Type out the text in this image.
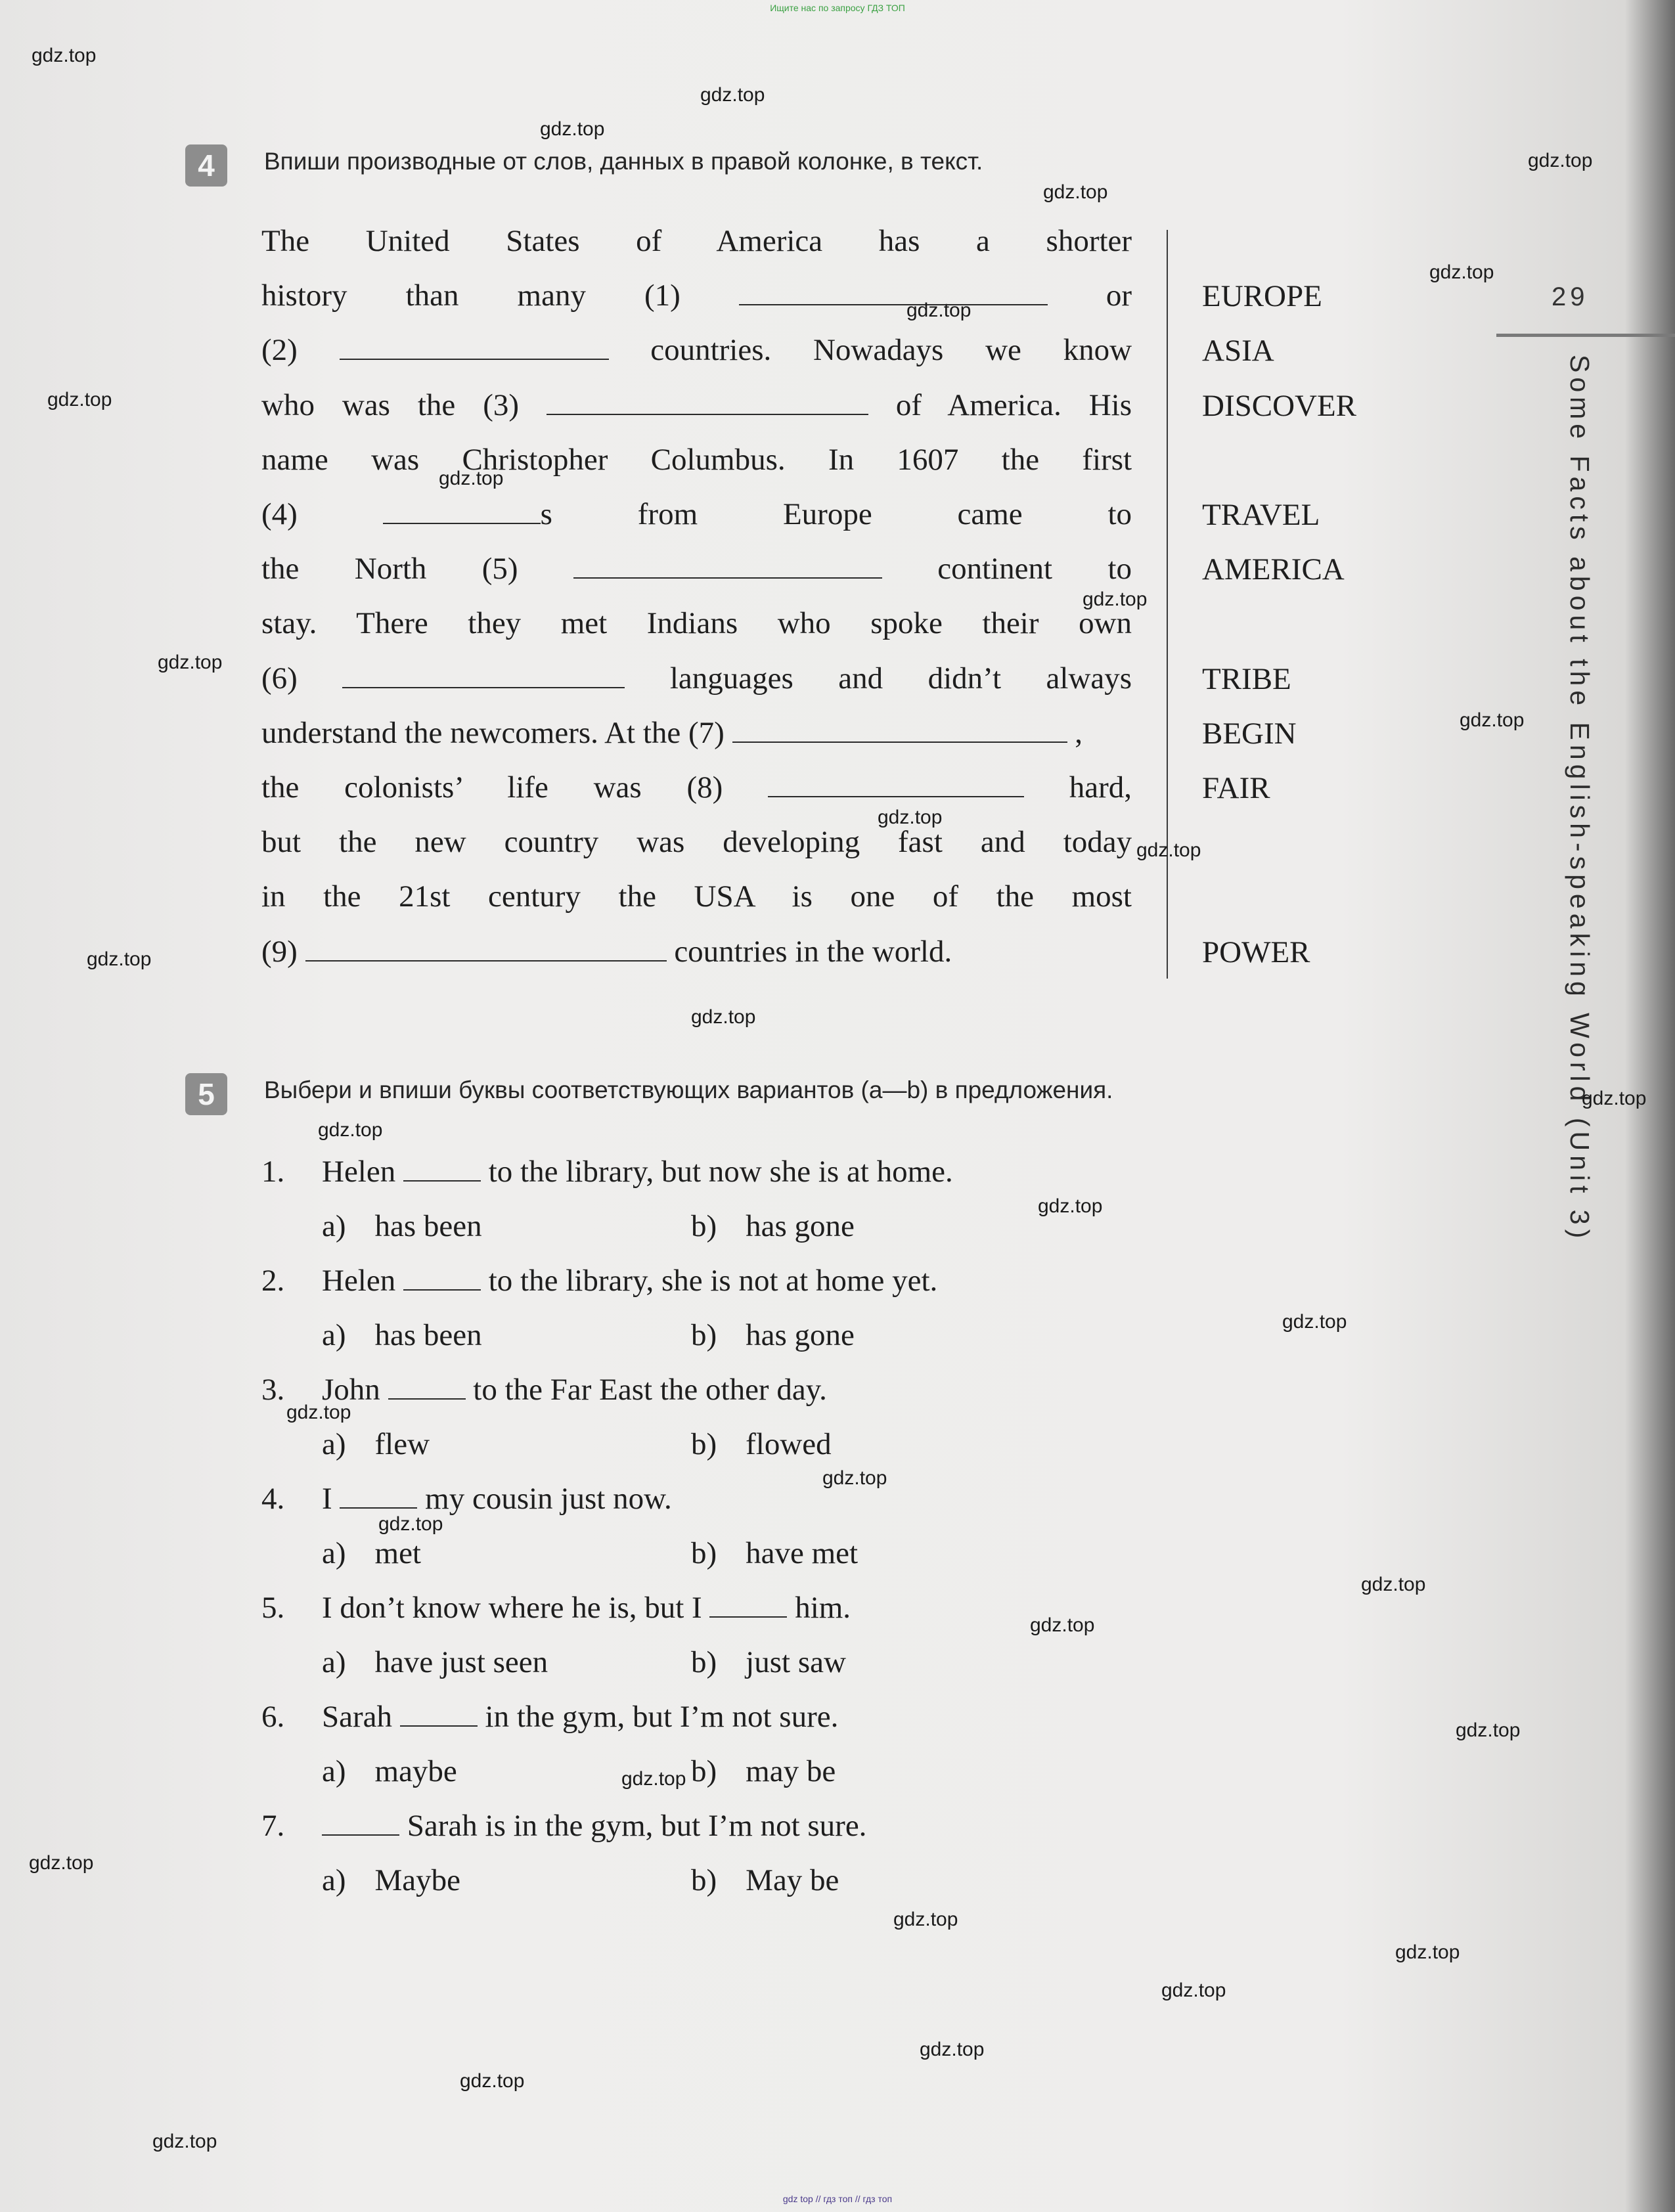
Ищите нас по запросу ГДЗ ТОП
4	Впиши производные от слов, данных в правой колонке, в текст.
The United States of America has a shorter
history than many (1)	or
(2)	countries. Nowadays we know
who was the (3)	of America. His
name was Christopher Columbus. In 1607 the first
(4)	s	from	Europe	came	to
the North (5)	continent to
stay. There they met Indians who spoke their own
(6)	languages and didn’t always
understand the newcomers. At the (7)	,
the colonists’ life was (8)	hard,
but the new country was developing fast and today
in the 21st century the USA is one of the most
(9)	countries in the world.
EUROPE
ASIA
DISCOVER
TRAVEL
AMERICA
TRIBE
BEGIN
FAIR
POWER
29
Some Facts about the English-speaking World (Unit 3)
5	Выбери и впиши буквы соответствующих вариантов (a—b) в предложения.
1. Helen	to the library, but now she is at home.
a) has been	b) has gone
2. Helen	to the library, she is not at home yet.
a) has been	b) has gone
3. John	to the Far East the other day.
a) flew	b) flowed
4. I	my cousin just now.
a) met	b) have met
5. I don’t know where he is, but I	him.
a) have just seen	b) just saw
6. Sarah	in the gym, but I’m not sure.
a) maybe	b) may be
7.	Sarah is in the gym, but I’m not sure.
a) Maybe	b) May be
gdz.top
gdz.top
gdz.top
gdz.top
gdz.top
gdz.top
gdz.top
gdz.top
gdz.top
gdz.top
gdz.top
gdz.top
gdz.top
gdz.top
gdz.top
gdz.top
gdz.top
gdz.top
gdz.top
gdz.top
gdz.top
gdz.top
gdz.top
gdz.top
gdz.top
gdz.top
gdz.top
gdz.top
gdz.top
gdz.top
gdz.top
gdz.top
gdz.top
gdz.top
gdz top // гдз топ // гдз топ
